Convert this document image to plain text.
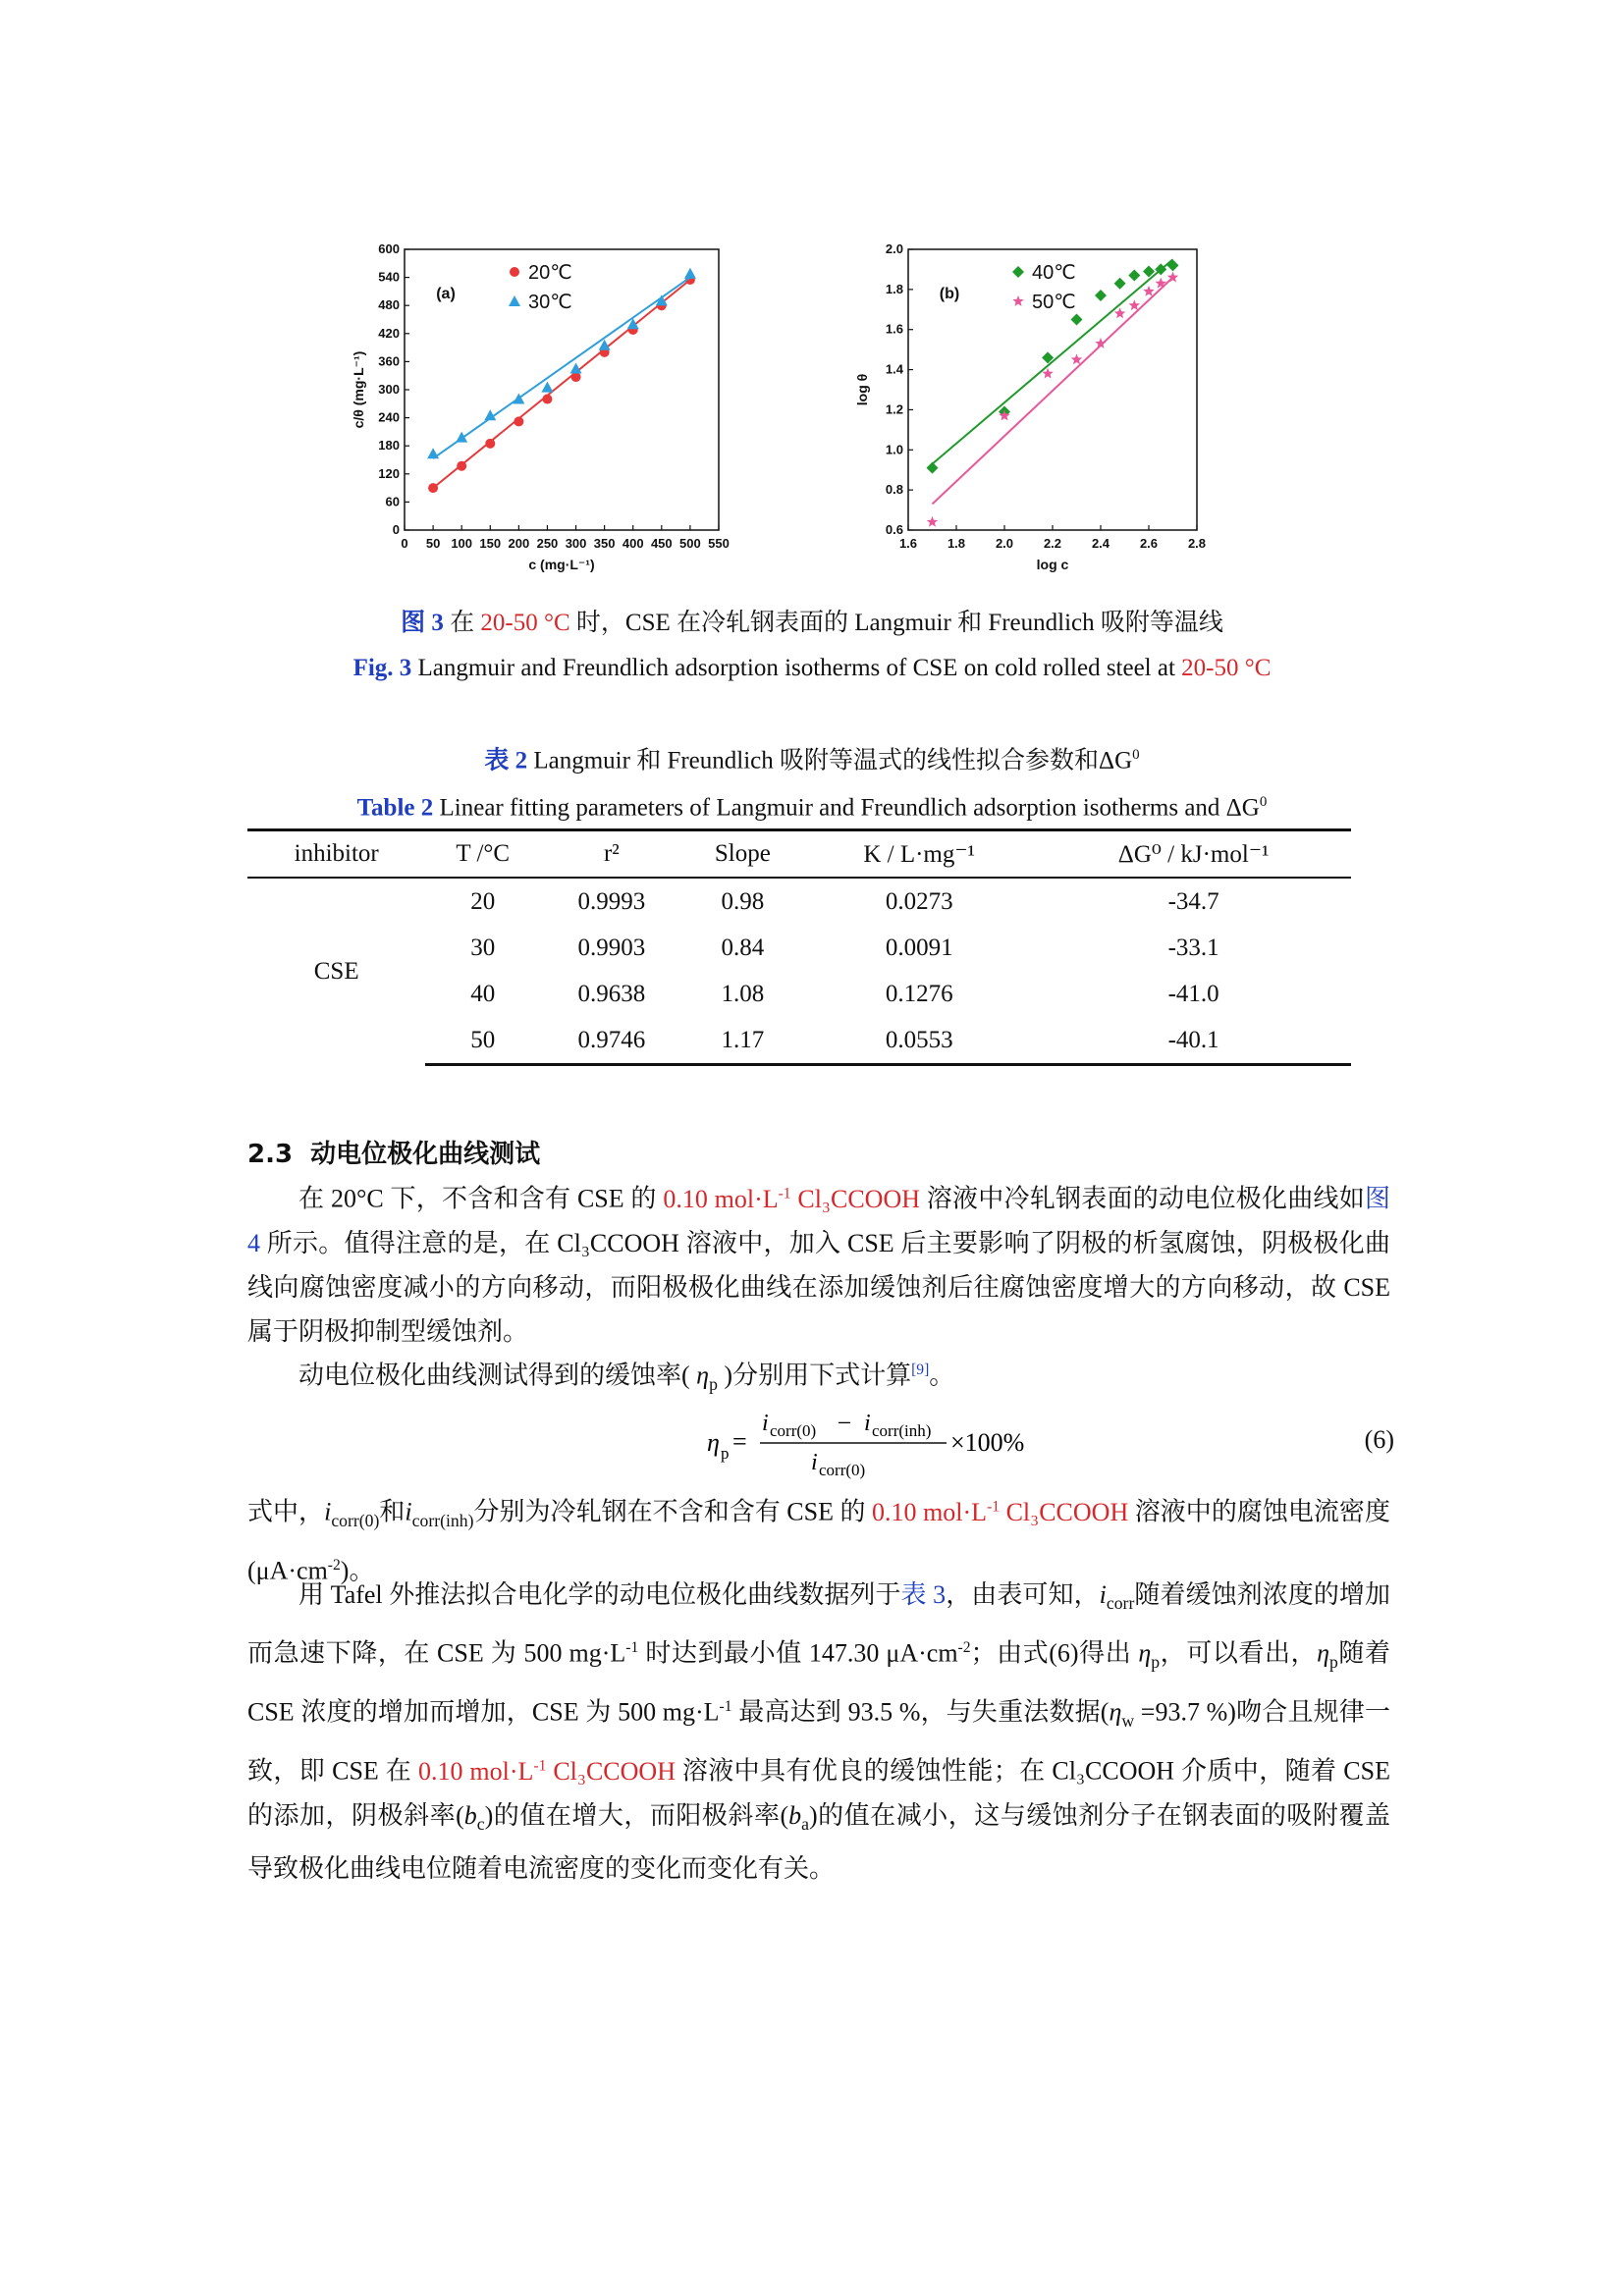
0 50 100 150 200 250 300 350 400 450 500 550
0
60
120
180
240
300
360
420
480
540
600
c (mg·L⁻¹)
c/θ (mg·L⁻¹)
(a)
20℃
30℃
1.6 1.8 2.0 2.2 2.4 2.6 2.8
0.6
0.8
1.0
1.2
1.4
1.6
1.8
2.0
log c
log θ
(b)
40℃
50℃
图 3 在 20-50 °C 时，CSE 在冷轧钢表面的 Langmuir 和 Freundlich 吸附等温线
Fig. 3 Langmuir and Freundlich adsorption isotherms of CSE on cold rolled steel at 20-50 °C
表 2 Langmuir 和 Freundlich 吸附等温式的线性拟合参数和$\Delta G^0$
Table 2 Linear fitting parameters of Langmuir and Freundlich adsorption isotherms and $\Delta G^0$
inhibitor	T /°C	r²	Slope	K / L·mg⁻¹	ΔG⁰ / kJ·mol⁻¹
CSE	20	0.9993	0.98	0.0273	-34.7
	30	0.9903	0.84	0.0091	-33.1
	40	0.9638	1.08	0.1276	-41.0
	50	0.9746	1.17	0.0553	-40.1
2.3 动电位极化曲线测试
在 20°C 下，不含和含有 CSE 的 0.10 $mol\cdot L^{-1}$ Cl₃CCOOH 溶液中冷轧钢表面的动电位极化曲线如图 4 所示。值得注意的是，在 Cl₃CCOOH 溶液中，加入 CSE 后主要影响了阴极的析氢腐蚀，阴极极化曲线向腐蚀密度减小的方向移动，而阳极极化曲线在添加缓蚀剂后往腐蚀密度增大的方向移动，故 CSE 属于阴极抑制型缓蚀剂。
动电位极化曲线测试得到的缓蚀率( $\eta_p$ )分别用下式计算[9]。
η p =
i corr(0) − i corr(inh)
i corr(0)
×100%	(6)
式中，$i_{corr(0)}$和$i_{corr(inh)}$分别为冷轧钢在不含和含有 CSE 的 0.10 $mol\cdot L^{-1}$ Cl₃CCOOH 溶液中的腐蚀电流密度$(\mu A\cdot cm^{-2})$。
用 Tafel 外推法拟合电化学的动电位极化曲线数据列于表 3，由表可知，$i_{corr}$随着缓蚀剂浓度的增加而急速下降，在 CSE 为 500 $mg\cdot L^{-1}$ 时达到最小值 147.30 $\mu A\cdot cm^{-2}$；由式(6)得出 $\eta_p$，可以看出，$\eta_p$随着 CSE 浓度的增加而增加，CSE 为 500 $mg\cdot L^{-1}$ 最高达到 93.5 %，与失重法数据($\eta_w =93.7$ %)吻合且规律一致，即 CSE 在 0.10 $mol\cdot L^{-1}$ Cl₃CCOOH 溶液中具有优良的缓蚀性能；在 Cl₃CCOOH 介质中，随着 CSE 的添加，阴极斜率$(b_c)$的值在增大，而阳极斜率$(b_a)$的值在减小，这与缓蚀剂分子在钢表面的吸附覆盖导致极化曲线电位随着电流密度的变化而变化有关。
